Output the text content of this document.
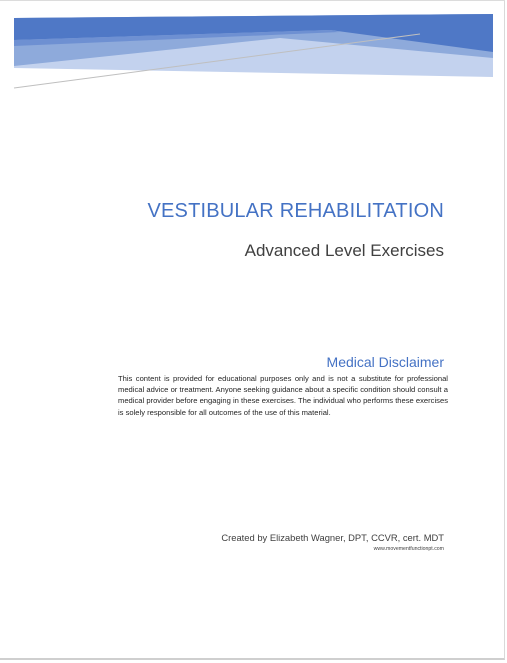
VESTIBULAR REHABILITATION
Advanced Level Exercises
Medical Disclaimer

This content is provided for educational purposes only and is not a substitute for professional medical advice or treatment. Anyone seeking guidance about a specific condition should consult a medical provider before engaging in these exercises. The individual who performs these exercises is solely responsible for all outcomes of the use of this material.

Created by Elizabeth Wagner, DPT, CCVR, cert. MDT

www.movementfunctionpt.com
